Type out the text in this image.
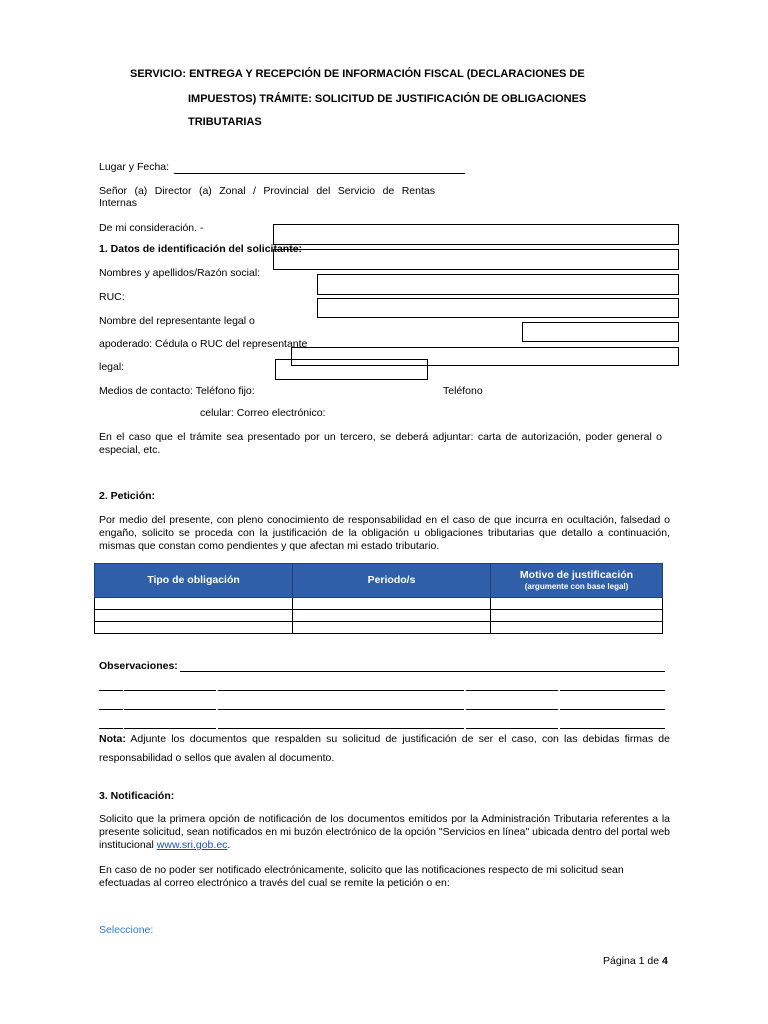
SERVICIO: ENTREGA Y RECEPCIÓN DE INFORMACIÓN FISCAL (DECLARACIONES DE
IMPUESTOS) TRÁMITE: SOLICITUD DE JUSTIFICACIÓN DE OBLIGACIONES
TRIBUTARIAS
Lugar y Fecha:
Señor (a) Director (a) Zonal / Provincial del Servicio de Rentas
Internas
De mi consideración. -
1. Datos de identificación del solicitante:
Nombres y apellidos/Razón social:
RUC:
Nombre del representante legal o
apoderado: Cédula o RUC del representante
legal:
Medios de contacto: Teléfono fijo:	Teléfono
celular: Correo electrónico:
En el caso que el trámite sea presentado por un tercero, se deberá adjuntar: carta de autorización, poder general o especial, etc.
2. Petición:
Por medio del presente, con pleno conocimiento de responsabilidad en el caso de que incurra en ocultación, falsedad o engaño, solicito se proceda con la justificación de la obligación u obligaciones tributarias que detallo a continuación, mismas que constan como pendientes y que afectan mi estado tributario.
Tipo de obligación	Periodo/s	Motivo de justificación
(argumente con base legal)

Observaciones:
Nota: Adjunte los documentos que respalden su solicitud de justificación de ser el caso, con las debidas firmas de
responsabilidad o sellos que avalen al documento.
3. Notificación:
Solicito que la primera opción de notificación de los documentos emitidos por la Administración Tributaria referentes a la presente solicitud, sean notificados en mi buzón electrónico de la opción "Servicios en línea" ubicada dentro del portal web institucional www.sri.gob.ec.
En caso de no poder ser notificado electrónicamente, solicito que las notificaciones respecto de mi solicitud sean efectuadas al correo electrónico a través del cual se remite la petición o en:
Seleccione:
Página 1 de 4
